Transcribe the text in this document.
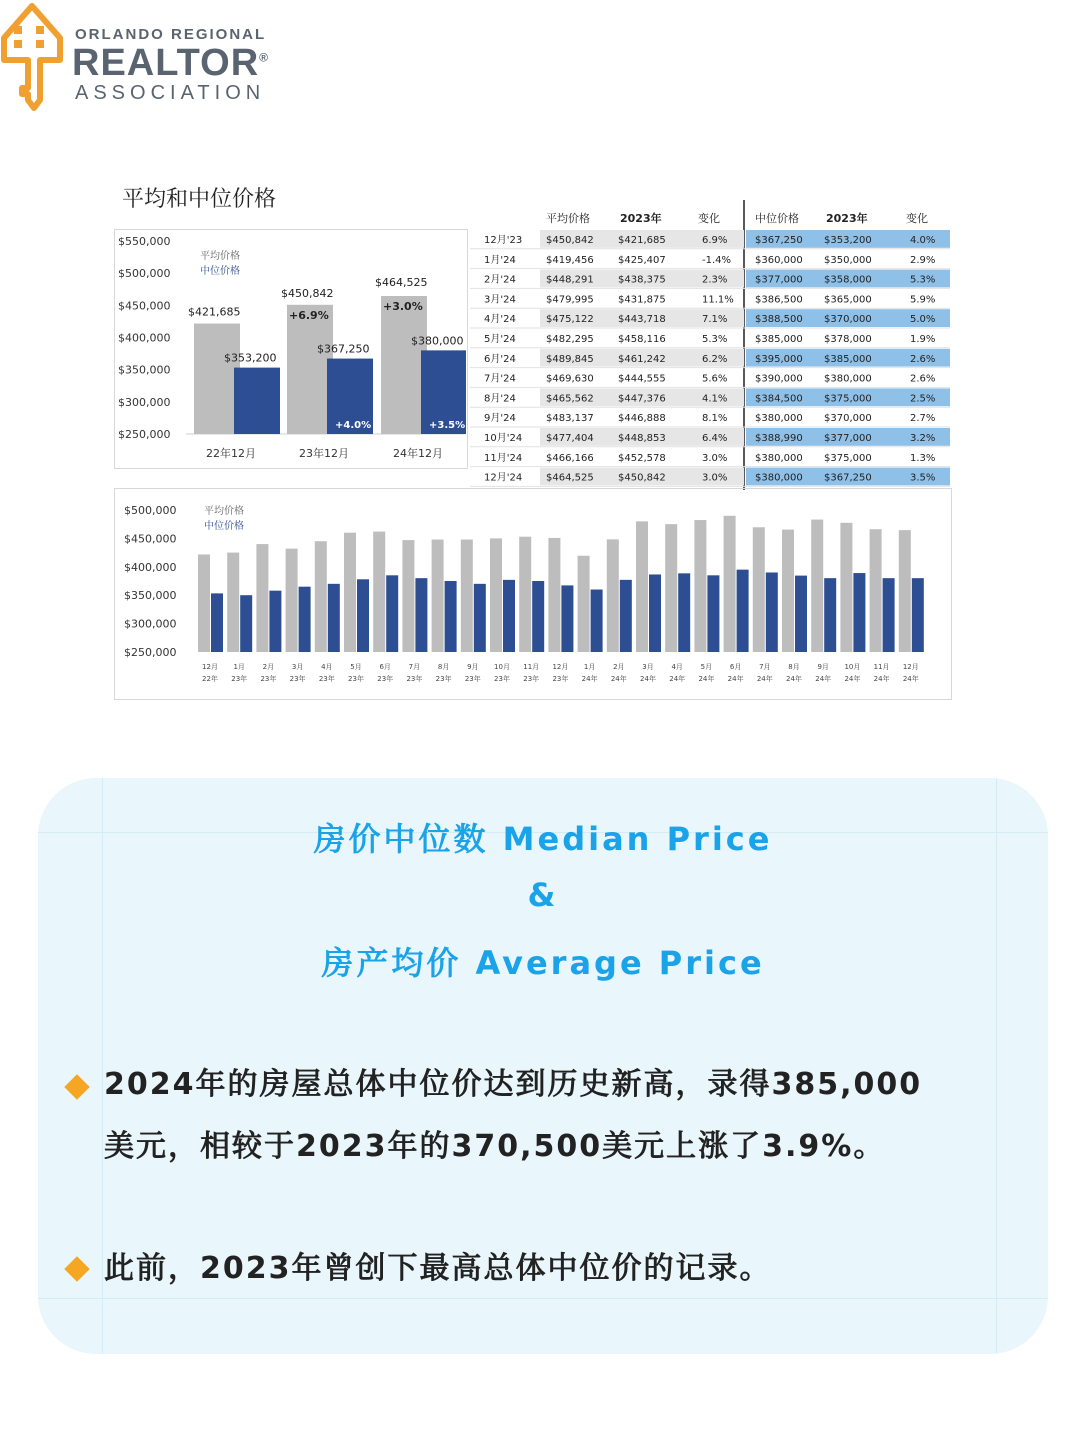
ORLANDO REGIONAL
REALTOR®
ASSOCIATION
平均和中位价格
$550,000
$500,000
$450,000
$400,000
$350,000
$300,000
$250,000
平均价格
中位价格
$421,685
$353,200
22年12月
$450,842
$367,250
+6.9%
+4.0%
23年12月
$464,525
$380,000
+3.0%
+3.5%
24年12月
平均价格	2023年	变化	中位价格 2023年	变化
12月'23 $450,842 $421,685	6.9%	$367,250 $353,200	4.0%
1月'24	$419,456 $425,407	-1.4% $360,000 $350,000	2.9%
2月'24	$448,291 $438,375	2.3%	$377,000 $358,000	5.3%
3月'24	$479,995 $431,875	11.1% $386,500 $365,000	5.9%
4月'24	$475,122 $443,718	7.1%	$388,500 $370,000	5.0%
5月'24	$482,295 $458,116	5.3%	$385,000 $378,000	1.9%
6月'24	$489,845 $461,242	6.2%	$395,000 $385,000	2.6%
7月'24	$469,630 $444,555	5.6%	$390,000 $380,000	2.6%
8月'24	$465,562 $447,376	4.1%	$384,500 $375,000	2.5%
9月'24	$483,137 $446,888	8.1%	$380,000 $370,000	2.7%
10月'24 $477,404 $448,853	6.4%	$388,990 $377,000	3.2%
11月'24 $466,166 $452,578	3.0%	$380,000 $375,000	1.3%
12月'24 $464,525 $450,842	3.0%	$380,000 $367,250	3.5%
$500,000
$450,000
$400,000
$350,000
$300,000
$250,000
平均价格
中位价格
12月
22年
1月
23年
2月
23年
3月
23年
4月
23年
5月
23年
6月
23年
7月
23年
8月
23年
9月
23年
10月
23年
11月
23年
12月
23年
1月
24年
2月
24年
3月
24年
4月
24年
5月
24年
6月
24年
7月
24年
8月
24年
9月
24年
10月
24年
11月
24年
12月
24年
房价中位数 Median Price
&
房产均价 Average Price
2024年的房屋总体中位价达到历史新高，录得385,000
美元，相较于2023年的370,500美元上涨了3.9%。
此前，2023年曾创下最高总体中位价的记录。
